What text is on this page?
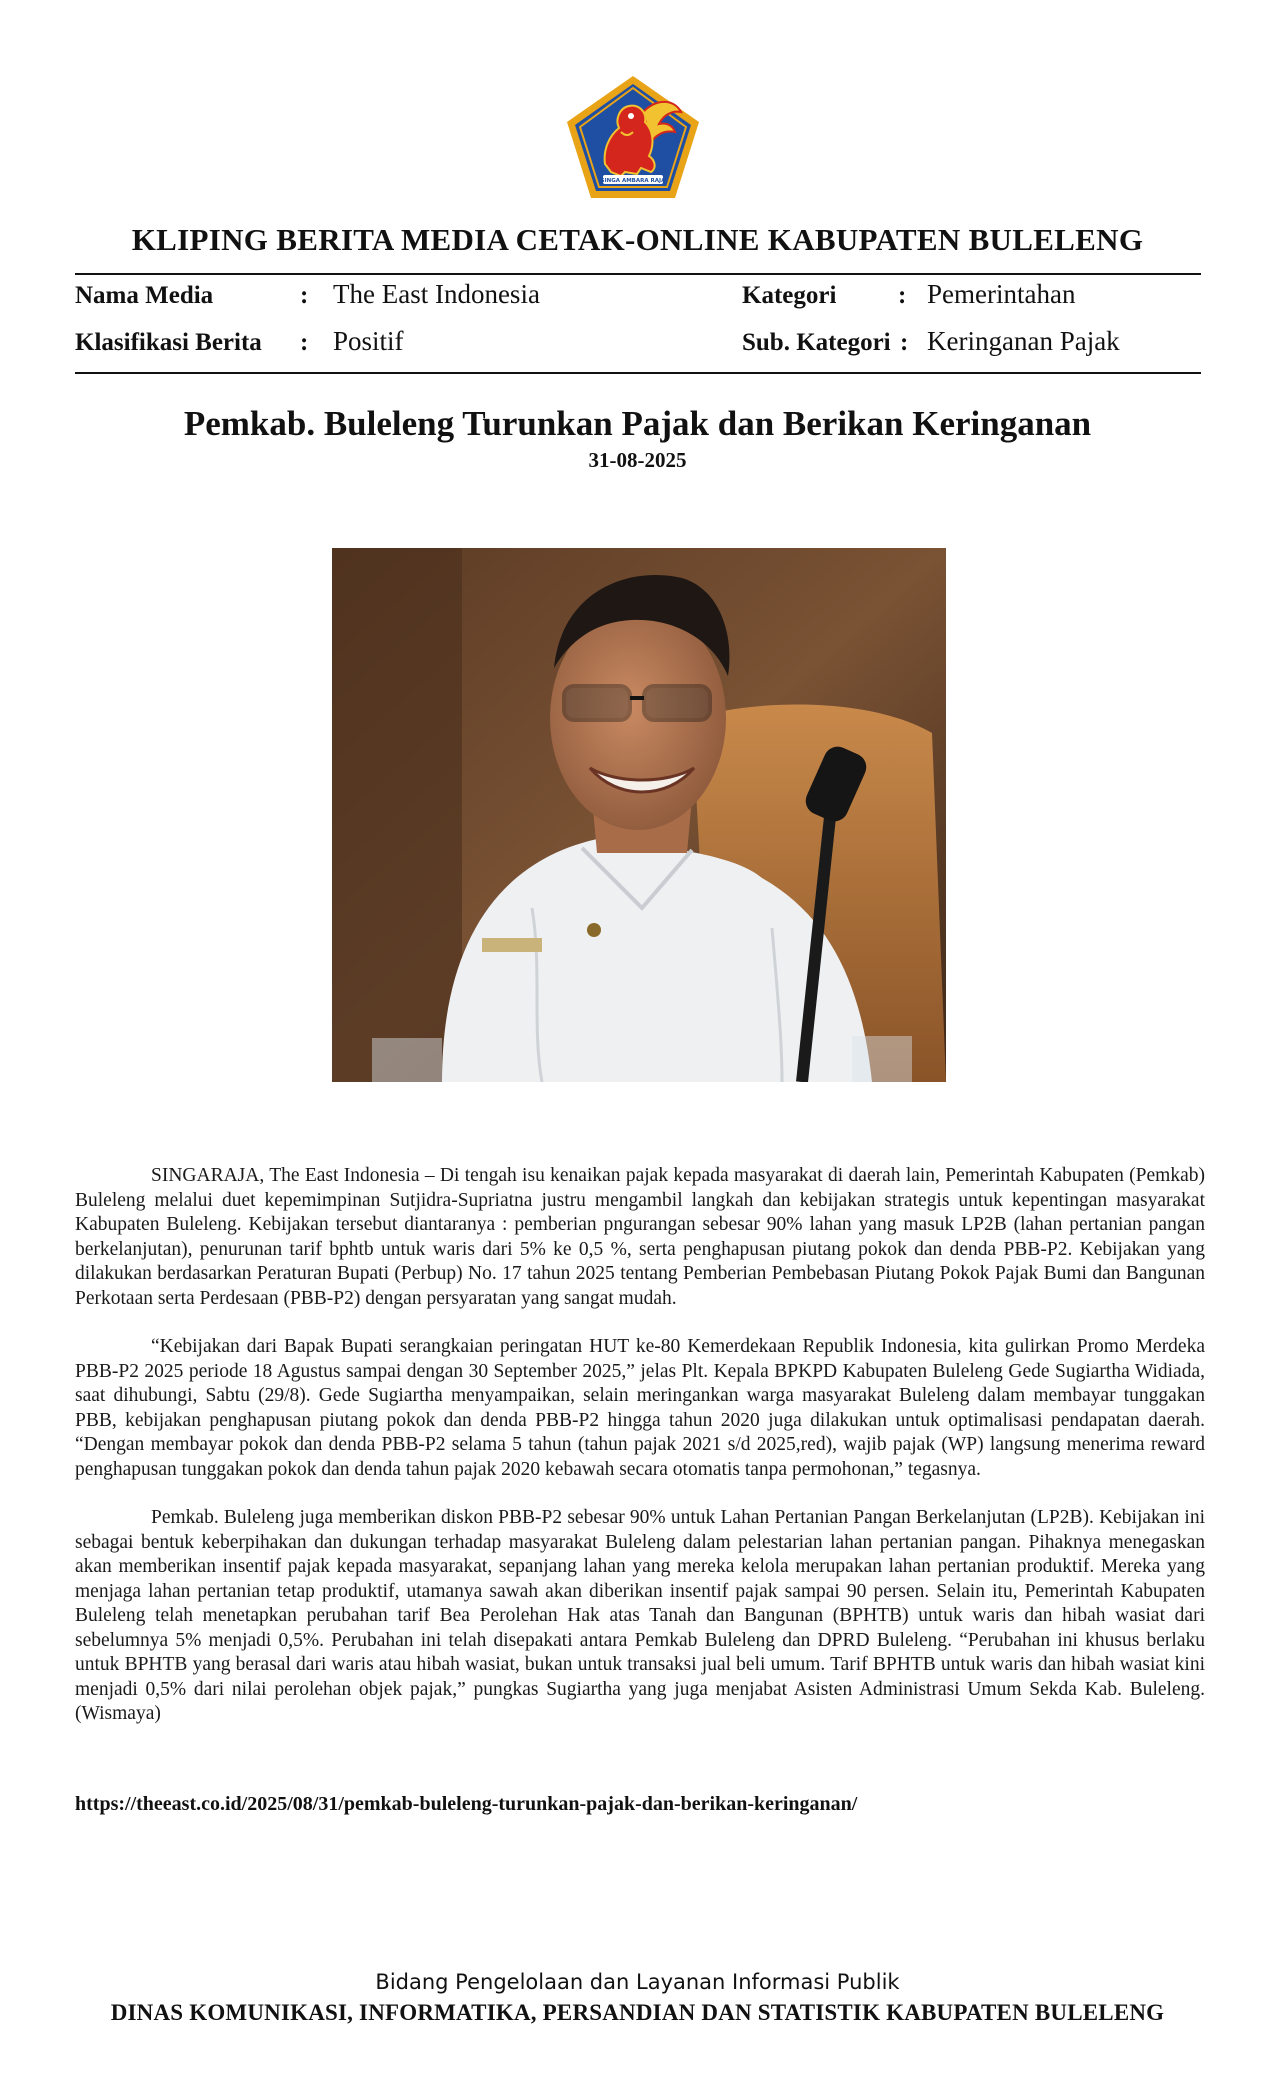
SINGA AMBARA RAJA
KLIPING BERITA MEDIA CETAK-ONLINE KABUPATEN BULELENG
Nama Media	: The East Indonesia
Klasifikasi Berita : Positif
Kategori : Pemerintahan
Sub. Kategori : Keringanan Pajak
Pemkab. Buleleng Turunkan Pajak dan Berikan Keringanan
31-08-2025

SINGARAJA, The East Indonesia – Di tengah isu kenaikan pajak kepada masyarakat di daerah lain, Pemerintah Kabupaten (Pemkab) Buleleng melalui duet kepemimpinan Sutjidra-Supriatna justru mengambil langkah dan kebijakan strategis untuk kepentingan masyarakat Kabupaten Buleleng. Kebijakan tersebut diantaranya : pemberian pngurangan sebesar 90% lahan yang masuk LP2B (lahan pertanian pangan berkelanjutan), penurunan tarif bphtb untuk waris dari 5% ke 0,5 %, serta penghapusan piutang pokok dan denda PBB-P2. Kebijakan yang dilakukan berdasarkan Peraturan Bupati (Perbup) No. 17 tahun 2025 tentang Pemberian Pembebasan Piutang Pokok Pajak Bumi dan Bangunan Perkotaan serta Perdesaan (PBB-P2) dengan persyaratan yang sangat mudah.

“Kebijakan dari Bapak Bupati serangkaian peringatan HUT ke-80 Kemerdekaan Republik Indonesia, kita gulirkan Promo Merdeka PBB-P2 2025 periode 18 Agustus sampai dengan 30 September 2025,” jelas Plt. Kepala BPKPD Kabupaten Buleleng Gede Sugiartha Widiada, saat dihubungi, Sabtu (29/8). Gede Sugiartha menyampaikan, selain meringankan warga masyarakat Buleleng dalam membayar tunggakan PBB, kebijakan penghapusan piutang pokok dan denda PBB-P2 hingga tahun 2020 juga dilakukan untuk optimalisasi pendapatan daerah. “Dengan membayar pokok dan denda PBB-P2 selama 5 tahun (tahun pajak 2021 s/d 2025,red), wajib pajak (WP) langsung menerima reward penghapusan tunggakan pokok dan denda tahun pajak 2020 kebawah secara otomatis tanpa permohonan,” tegasnya.

Pemkab. Buleleng juga memberikan diskon PBB-P2 sebesar 90% untuk Lahan Pertanian Pangan Berkelanjutan (LP2B). Kebijakan ini sebagai bentuk keberpihakan dan dukungan terhadap masyarakat Buleleng dalam pelestarian lahan pertanian pangan. Pihaknya menegaskan akan memberikan insentif pajak kepada masyarakat, sepanjang lahan yang mereka kelola merupakan lahan pertanian produktif. Mereka yang menjaga lahan pertanian tetap produktif, utamanya sawah akan diberikan insentif pajak sampai 90 persen. Selain itu, Pemerintah Kabupaten Buleleng telah menetapkan perubahan tarif Bea Perolehan Hak atas Tanah dan Bangunan (BPHTB) untuk waris dan hibah wasiat dari sebelumnya 5% menjadi 0,5%. Perubahan ini telah disepakati antara Pemkab Buleleng dan DPRD Buleleng. “Perubahan ini khusus berlaku untuk BPHTB yang berasal dari waris atau hibah wasiat, bukan untuk transaksi jual beli umum. Tarif BPHTB untuk waris dan hibah wasiat kini menjadi 0,5% dari nilai perolehan objek pajak,” pungkas Sugiartha yang juga menjabat Asisten Administrasi Umum Sekda Kab. Buleleng.(Wismaya)

https://theeast.co.id/2025/08/31/pemkab-buleleng-turunkan-pajak-dan-berikan-keringanan/
Bidang Pengelolaan dan Layanan Informasi Publik
DINAS KOMUNIKASI, INFORMATIKA, PERSANDIAN DAN STATISTIK KABUPATEN BULELENG
